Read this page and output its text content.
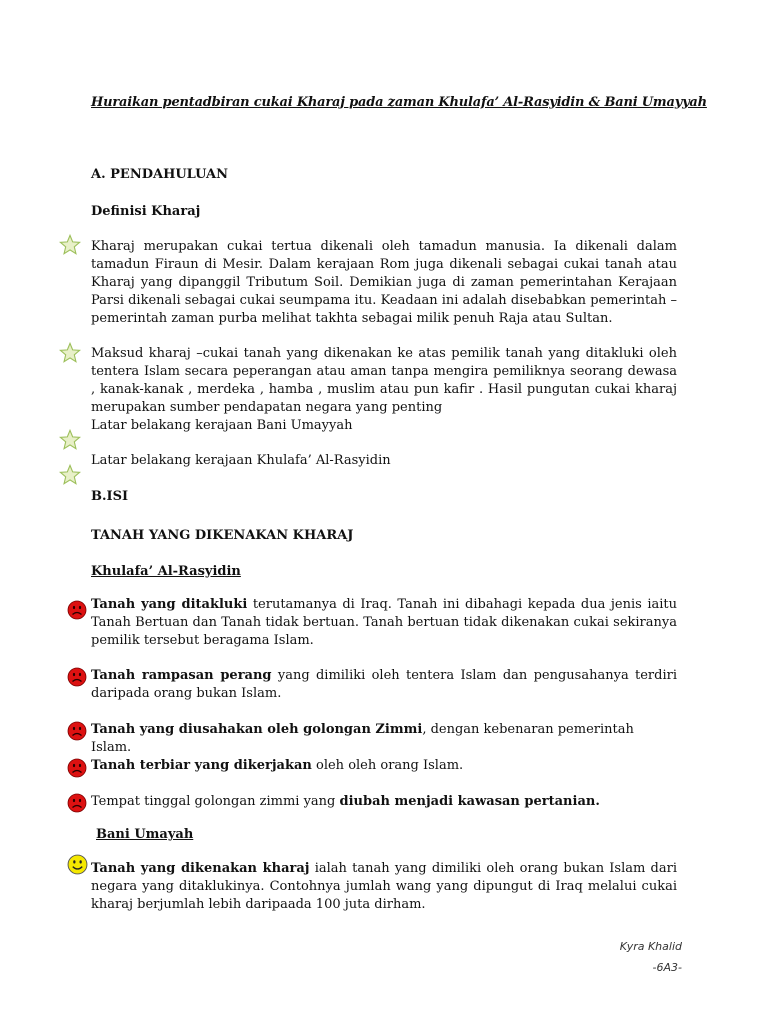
Huraikan pentadbiran cukai Kharaj pada zaman Khulafa’ Al-Rasyidin & Bani Umayyah
A. PENDAHULUAN
Definisi Kharaj
Kharaj merupakan cukai tertua dikenali oleh tamadun manusia. Ia dikenali dalam tamadun Firaun di Mesir. Dalam kerajaan Rom juga dikenali sebagai cukai tanah atau Kharaj yang dipanggil Tributum Soil. Demikian juga di zaman pemerintahan Kerajaan Parsi dikenali sebagai cukai seumpama itu. Keadaan ini adalah disebabkan pemerintah – pemerintah zaman purba melihat takhta sebagai milik penuh Raja atau Sultan.
Maksud kharaj –cukai tanah yang dikenakan ke atas pemilik tanah yang ditakluki oleh tentera Islam secara peperangan atau aman tanpa mengira pemiliknya seorang dewasa , kanak-kanak , merdeka , hamba , muslim atau pun kafir . Hasil pungutan cukai kharaj merupakan sumber pendapatan negara yang penting
Latar belakang kerajaan Bani Umayyah
Latar belakang kerajaan Khulafa’ Al-Rasyidin
B.ISI
TANAH YANG DIKENAKAN KHARAJ
Khulafa’ Al-Rasyidin
Tanah yang ditakluki terutamanya di Iraq. Tanah ini dibahagi kepada dua jenis iaitu Tanah Bertuan dan Tanah tidak bertuan. Tanah bertuan tidak dikenakan cukai sekiranya pemilik tersebut beragama Islam.
Tanah rampasan perang yang dimiliki oleh tentera Islam dan pengusahanya terdiri daripada orang bukan Islam.
Tanah yang diusahakan oleh golongan Zimmi, dengan kebenaran pemerintah Islam.
Tanah terbiar yang dikerjakan oleh oleh orang Islam.
Tempat tinggal golongan zimmi yang diubah menjadi kawasan pertanian.
Bani Umayah
Tanah yang dikenakan kharaj ialah tanah yang dimiliki oleh orang bukan Islam dari negara yang ditaklukinya. Contohnya jumlah wang yang dipungut di Iraq melalui cukai kharaj berjumlah lebih daripaada 100 juta dirham.
Kyra Khalid
-6A3-
